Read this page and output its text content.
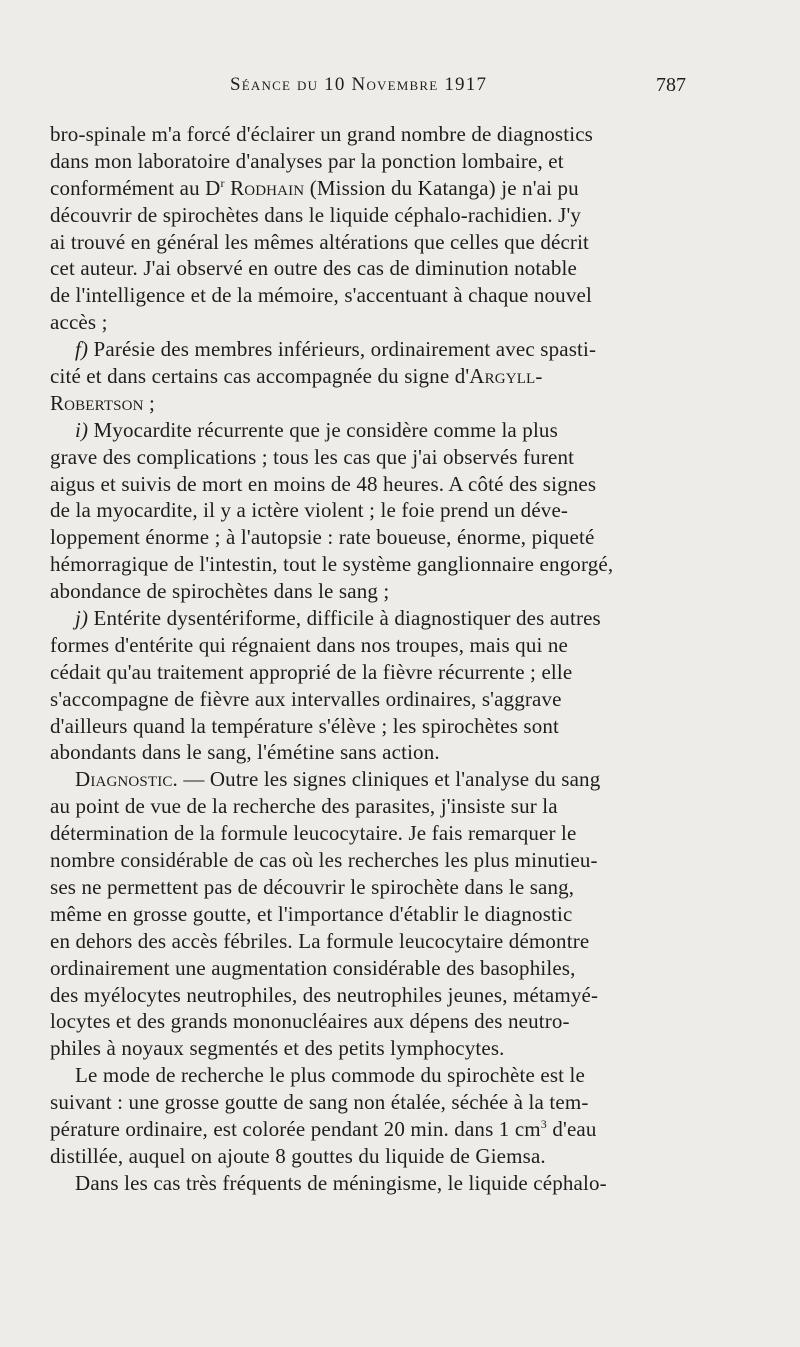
Séance du 10 Novembre 1917	787
bro-spinale m'a forcé d'éclairer un grand nombre de diagnostics
dans mon laboratoire d'analyses par la ponction lombaire, et
conformément au $D^r$ Rodhain (Mission du Katanga) je n'ai pu
découvrir de spirochètes dans le liquide céphalo-rachidien. J'y
ai trouvé en général les mêmes altérations que celles que décrit
cet auteur. J'ai observé en outre des cas de diminution notable
de l'intelligence et de la mémoire, s'accentuant à chaque nouvel
accès ;
f) Parésie des membres inférieurs, ordinairement avec spasti-
cité et dans certains cas accompagnée du signe d'Argyll-
Robertson ;
i) Myocardite récurrente que je considère comme la plus
grave des complications ; tous les cas que j'ai observés furent
aigus et suivis de mort en moins de 48 heures. A côté des signes
de la myocardite, il y a ictère violent ; le foie prend un déve-
loppement énorme ; à l'autopsie : rate boueuse, énorme, piqueté
hémorragique de l'intestin, tout le système ganglionnaire engorgé,
abondance de spirochètes dans le sang ;
j) Entérite dysentériforme, difficile à diagnostiquer des autres
formes d'entérite qui régnaient dans nos troupes, mais qui ne
cédait qu'au traitement approprié de la fièvre récurrente ; elle
s'accompagne de fièvre aux intervalles ordinaires, s'aggrave
d'ailleurs quand la température s'élève ; les spirochètes sont
abondants dans le sang, l'émétine sans action.
Diagnostic. — Outre les signes cliniques et l'analyse du sang
au point de vue de la recherche des parasites, j'insiste sur la
détermination de la formule leucocytaire. Je fais remarquer le
nombre considérable de cas où les recherches les plus minutieu-
ses ne permettent pas de découvrir le spirochète dans le sang,
même en grosse goutte, et l'importance d'établir le diagnostic
en dehors des accès fébriles. La formule leucocytaire démontre
ordinairement une augmentation considérable des basophiles,
des myélocytes neutrophiles, des neutrophiles jeunes, métamyé-
locytes et des grands mononucléaires aux dépens des neutro-
philes à noyaux segmentés et des petits lymphocytes.
Le mode de recherche le plus commode du spirochète est le
suivant : une grosse goutte de sang non étalée, séchée à la tem-
pérature ordinaire, est colorée pendant 20 min. dans 1 $cm^3$ d'eau
distillée, auquel on ajoute 8 gouttes du liquide de Giemsa.
Dans les cas très fréquents de méningisme, le liquide céphalo-
